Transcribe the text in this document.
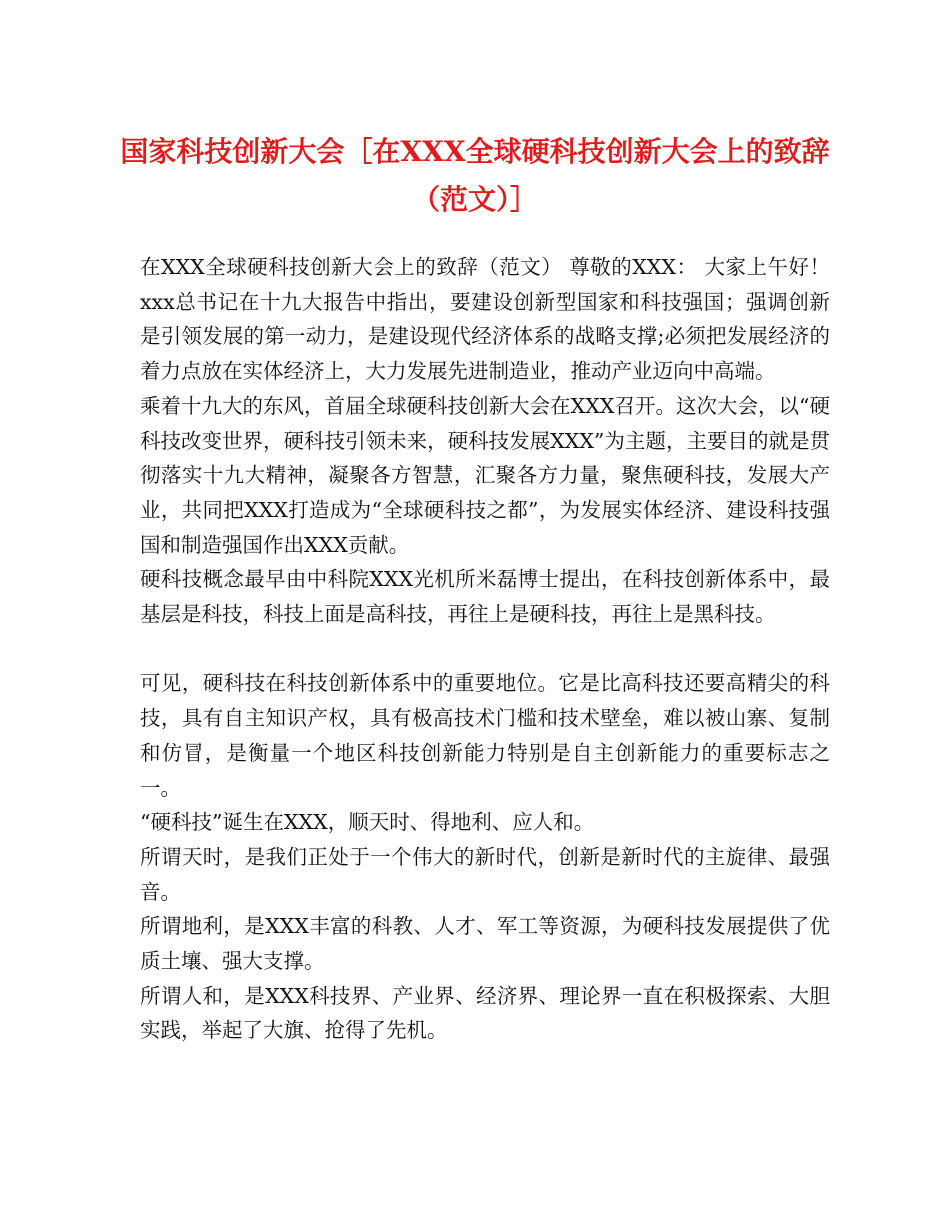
国家科技创新大会［在XXX全球硬科技创新大会上的致辞（范文）］

在XXX全球硬科技创新大会上的致辞（范文） 尊敬的XXX： 大家上午好！xxx总书记在十九大报告中指出，要建设创新型国家和科技强国；强调创新是引领发展的第一动力，是建设现代经济体系的战略支撑;必须把发展经济的着力点放在实体经济上，大力发展先进制造业，推动产业迈向中高端。

乘着十九大的东风，首届全球硬科技创新大会在XXX召开。这次大会，以“硬科技改变世界，硬科技引领未来，硬科技发展XXX”为主题，主要目的就是贯彻落实十九大精神，凝聚各方智慧，汇聚各方力量，聚焦硬科技，发展大产业，共同把XXX打造成为“全球硬科技之都”，为发展实体经济、建设科技强国和制造强国作出XXX贡献。

硬科技概念最早由中科院XXX光机所米磊博士提出，在科技创新体系中，最基层是科技，科技上面是高科技，再往上是硬科技，再往上是黑科技。

可见，硬科技在科技创新体系中的重要地位。它是比高科技还要高精尖的科技，具有自主知识产权，具有极高技术门槛和技术壁垒，难以被山寨、复制和仿冒，是衡量一个地区科技创新能力特别是自主创新能力的重要标志之一。

“硬科技”诞生在XXX，顺天时、得地利、应人和。

所谓天时，是我们正处于一个伟大的新时代，创新是新时代的主旋律、最强音。

所谓地利，是XXX丰富的科教、人才、军工等资源，为硬科技发展提供了优质土壤、强大支撑。

所谓人和，是XXX科技界、产业界、经济界、理论界一直在积极探索、大胆实践，举起了大旗、抢得了先机。
